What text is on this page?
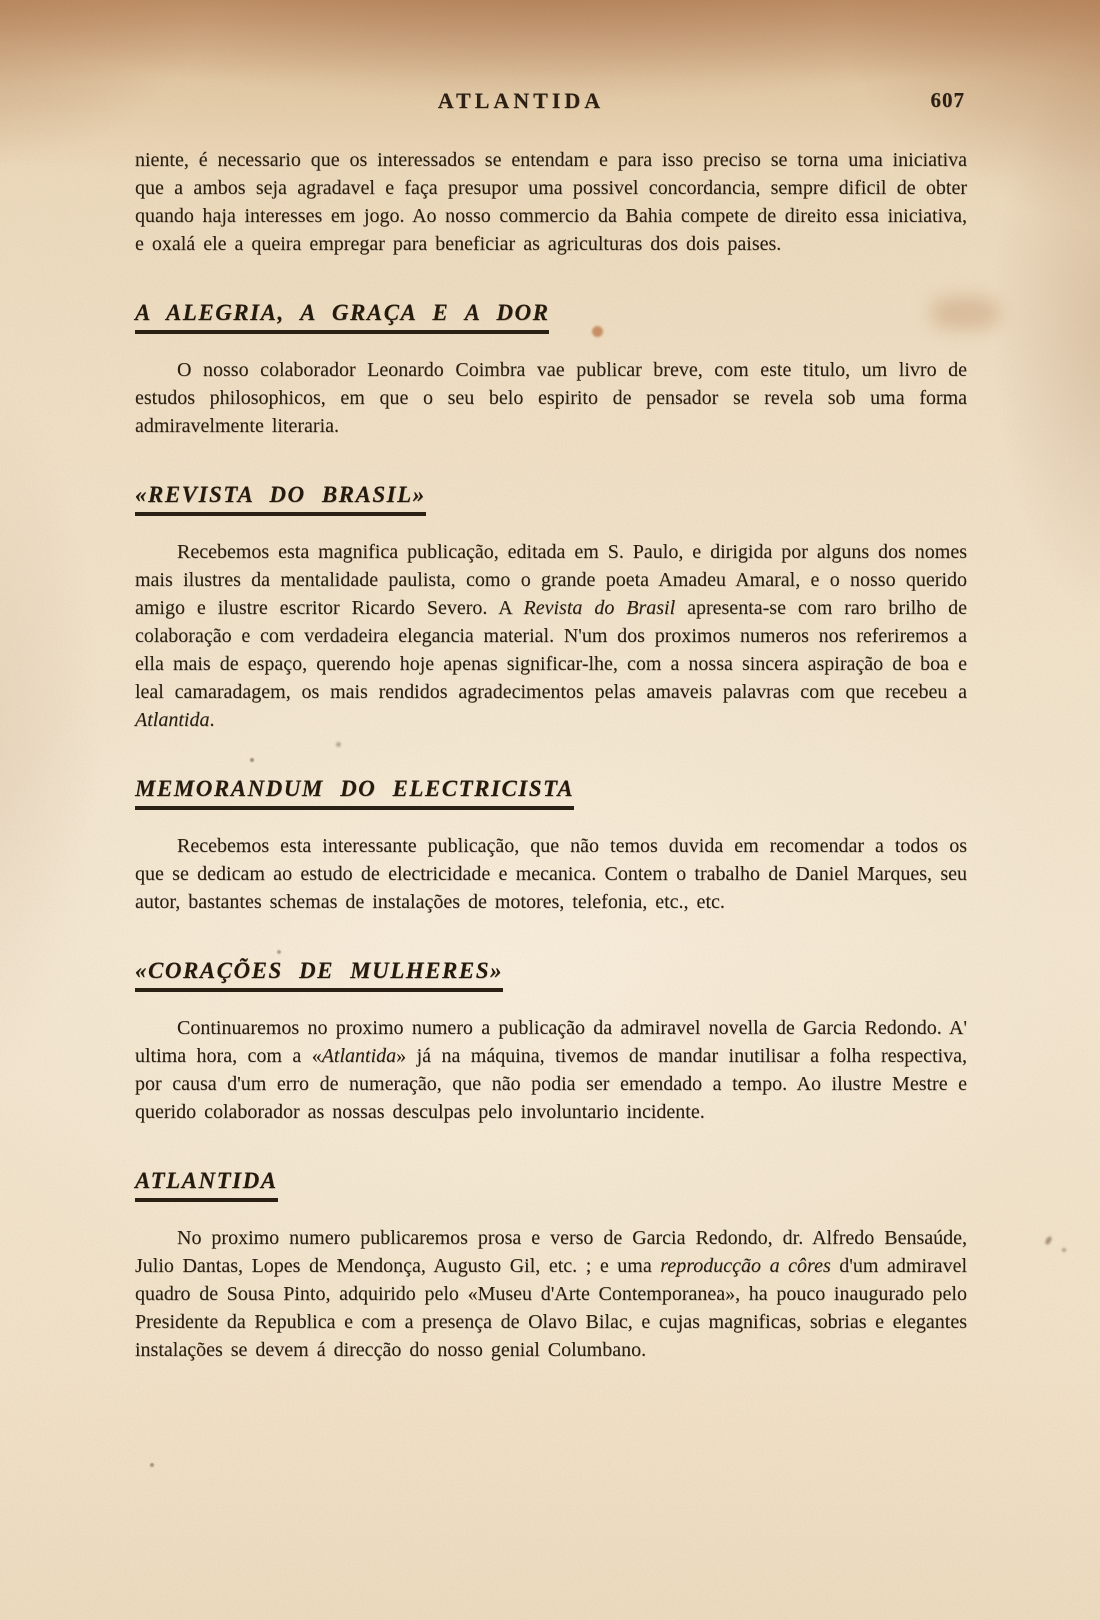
ATLANTIDA	607

niente, é necessario que os interessados se entendam e para isso preciso se torna uma iniciativa que a ambos seja agradavel e faça presupor uma possivel concordancia, sempre dificil de obter quando haja interesses em jogo. Ao nosso commercio da Bahia compete de direito essa iniciativa, e oxalá ele a queira empregar para beneficiar as agriculturas dos dois paises.

A ALEGRIA, A GRAÇA E A DOR

O nosso colaborador Leonardo Coimbra vae publicar breve, com este titulo, um livro de estudos philosophicos, em que o seu belo espirito de pensador se revela sob uma forma admiravelmente literaria.

«REVISTA DO BRASIL»

Recebemos esta magnifica publicação, editada em S. Paulo, e dirigida por alguns dos nomes mais ilustres da mentalidade paulista, como o grande poeta Amadeu Amaral, e o nosso querido amigo e ilustre escritor Ricardo Severo. A Revista do Brasil apresenta-se com raro brilho de colaboração e com verdadeira elegancia material. N'um dos proximos numeros nos referiremos a ella mais de espaço, querendo hoje apenas significar-lhe, com a nossa sincera aspiração de boa e leal camaradagem, os mais rendidos agradecimentos pelas amaveis palavras com que recebeu a Atlantida.

MEMORANDUM DO ELECTRICISTA

Recebemos esta interessante publicação, que não temos duvida em recomendar a todos os que se dedicam ao estudo de electricidade e mecanica. Contem o trabalho de Daniel Marques, seu autor, bastantes schemas de instalações de motores, telefonia, etc., etc.

«CORAÇÕES DE MULHERES»

Continuaremos no proximo numero a publicação da admiravel novella de Garcia Redondo. A' ultima hora, com a «Atlantida» já na máquina, tivemos de mandar inutilisar a folha respectiva, por causa d'um erro de numeração, que não podia ser emendado a tempo. Ao ilustre Mestre e querido colaborador as nossas desculpas pelo involuntario incidente.

ATLANTIDA

No proximo numero publicaremos prosa e verso de Garcia Redondo, dr. Alfredo Bensaúde, Julio Dantas, Lopes de Mendonça, Augusto Gil, etc. ; e uma reproducção a côres d'um admiravel quadro de Sousa Pinto, adquirido pelo «Museu d'Arte Contemporanea», ha pouco inaugurado pelo Presidente da Republica e com a presença de Olavo Bilac, e cujas magnificas, sobrias e elegantes instalações se devem á direcção do nosso genial Columbano.
